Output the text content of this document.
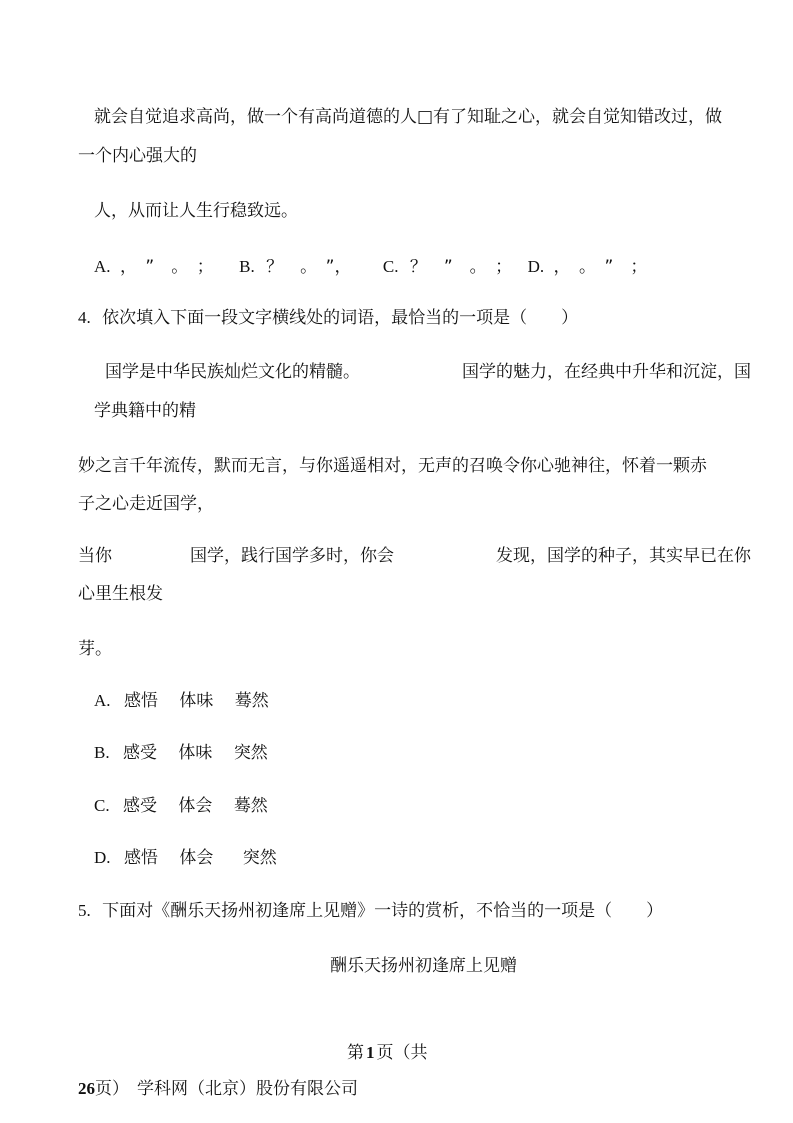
就会自觉追求高尚，做一个有高尚道德的人□有了知耻之心，就会自觉知错改过，做
一个内心强大的
人，从而让人生行稳致远。
A. ，　”　。　； B. ？　。　”， C. ？　”　。　； D. ，　。　”　；
4. 依次填入下面一段文字横线处的词语，最恰当的一项是（　　）
国学是中华民族灿烂文化的精髓。	国学的魅力，在经典中升华和沉淀，国
学典籍中的精
妙之言千年流传，默而无言，与你遥遥相对，无声的召唤令你心驰神往，怀着一颗赤
子之心走近国学，
当你	国学，践行国学多时，你会	发现，国学的种子，其实早已在你
心里生根发
芽。
A. 感悟 体味 蓦然
B. 感受 体味 突然
C. 感受 体会 蓦然
D. 感悟 体会 突然
5. 下面对《酬乐天扬州初逢席上见赠》一诗的赏析，不恰当的一项是（　　）
酬乐天扬州初逢席上见赠
第 1 页（共
26页） 学科网（北京）股份有限公司
